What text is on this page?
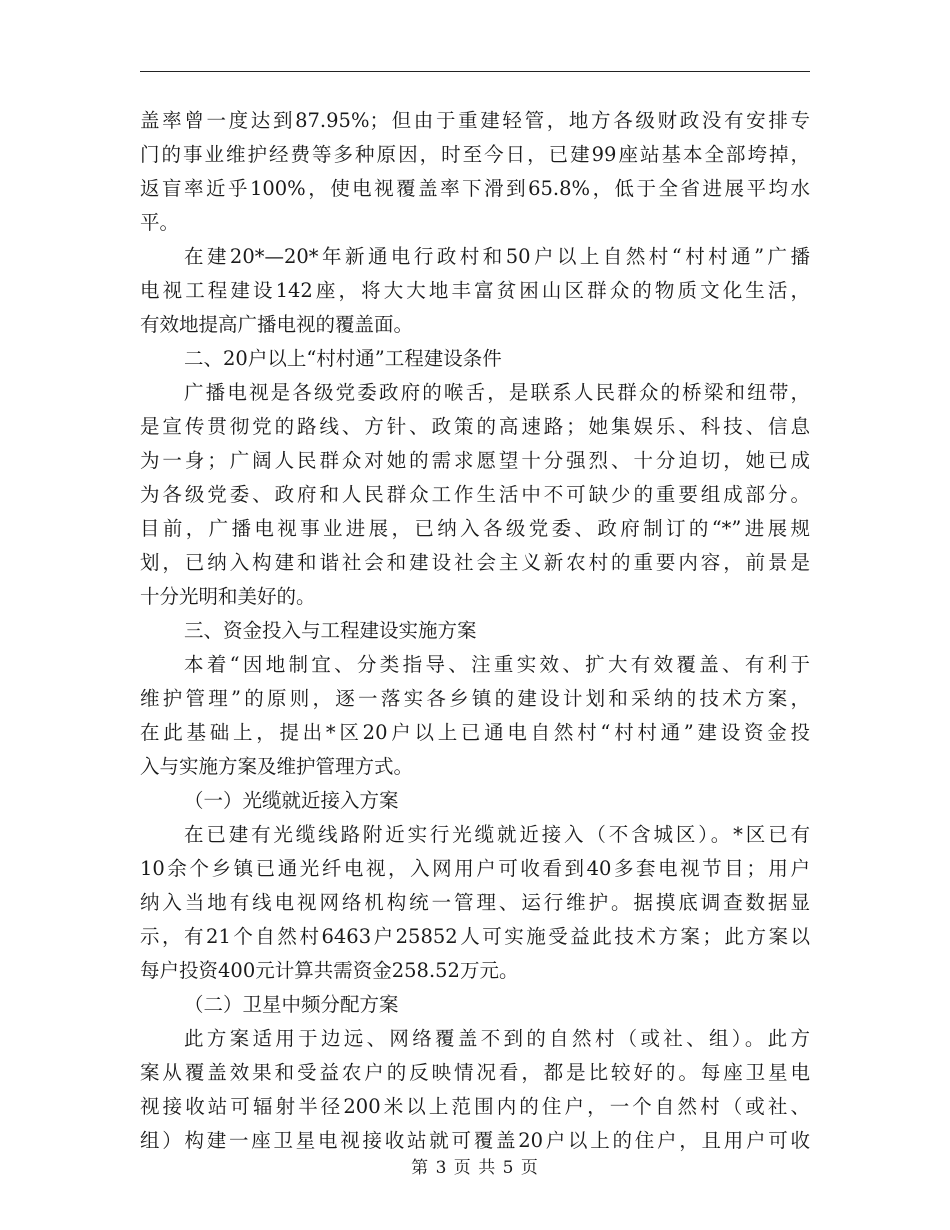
盖率曾一度达到87.95%；但由于重建轻管，地方各级财政没有安排专
门的事业维护经费等多种原因，时至今日，已建99座站基本全部垮掉，
返盲率近乎100%，使电视覆盖率下滑到65.8%，低于全省进展平均水
平。
在建20*—20*年新通电行政村和50户以上自然村“村村通”广播
电视工程建设142座，将大大地丰富贫困山区群众的物质文化生活，
有效地提高广播电视的覆盖面。
二、20户以上“村村通”工程建设条件
广播电视是各级党委政府的喉舌，是联系人民群众的桥梁和纽带，
是宣传贯彻党的路线、方针、政策的高速路；她集娱乐、科技、信息
为一身；广阔人民群众对她的需求愿望十分强烈、十分迫切，她已成
为各级党委、政府和人民群众工作生活中不可缺少的重要组成部分。
目前，广播电视事业进展，已纳入各级党委、政府制订的“*”进展规
划，已纳入构建和谐社会和建设社会主义新农村的重要内容，前景是
十分光明和美好的。
三、资金投入与工程建设实施方案
本着“因地制宜、分类指导、注重实效、扩大有效覆盖、有利于
维护管理”的原则，逐一落实各乡镇的建设计划和采纳的技术方案，
在此基础上，提出*区20户以上已通电自然村“村村通”建设资金投
入与实施方案及维护管理方式。
（一）光缆就近接入方案
在已建有光缆线路附近实行光缆就近接入（不含城区）。*区已有
10余个乡镇已通光纤电视，入网用户可收看到40多套电视节目；用户
纳入当地有线电视网络机构统一管理、运行维护。据摸底调查数据显
示，有21个自然村6463户25852人可实施受益此技术方案；此方案以
每户投资400元计算共需资金258.52万元。
（二）卫星中频分配方案
此方案适用于边远、网络覆盖不到的自然村（或社、组）。此方
案从覆盖效果和受益农户的反映情况看，都是比较好的。每座卫星电
视接收站可辐射半径200米以上范围内的住户，一个自然村（或社、
组）构建一座卫星电视接收站就可覆盖20户以上的住户，且用户可收
第 3 页 共 5 页
